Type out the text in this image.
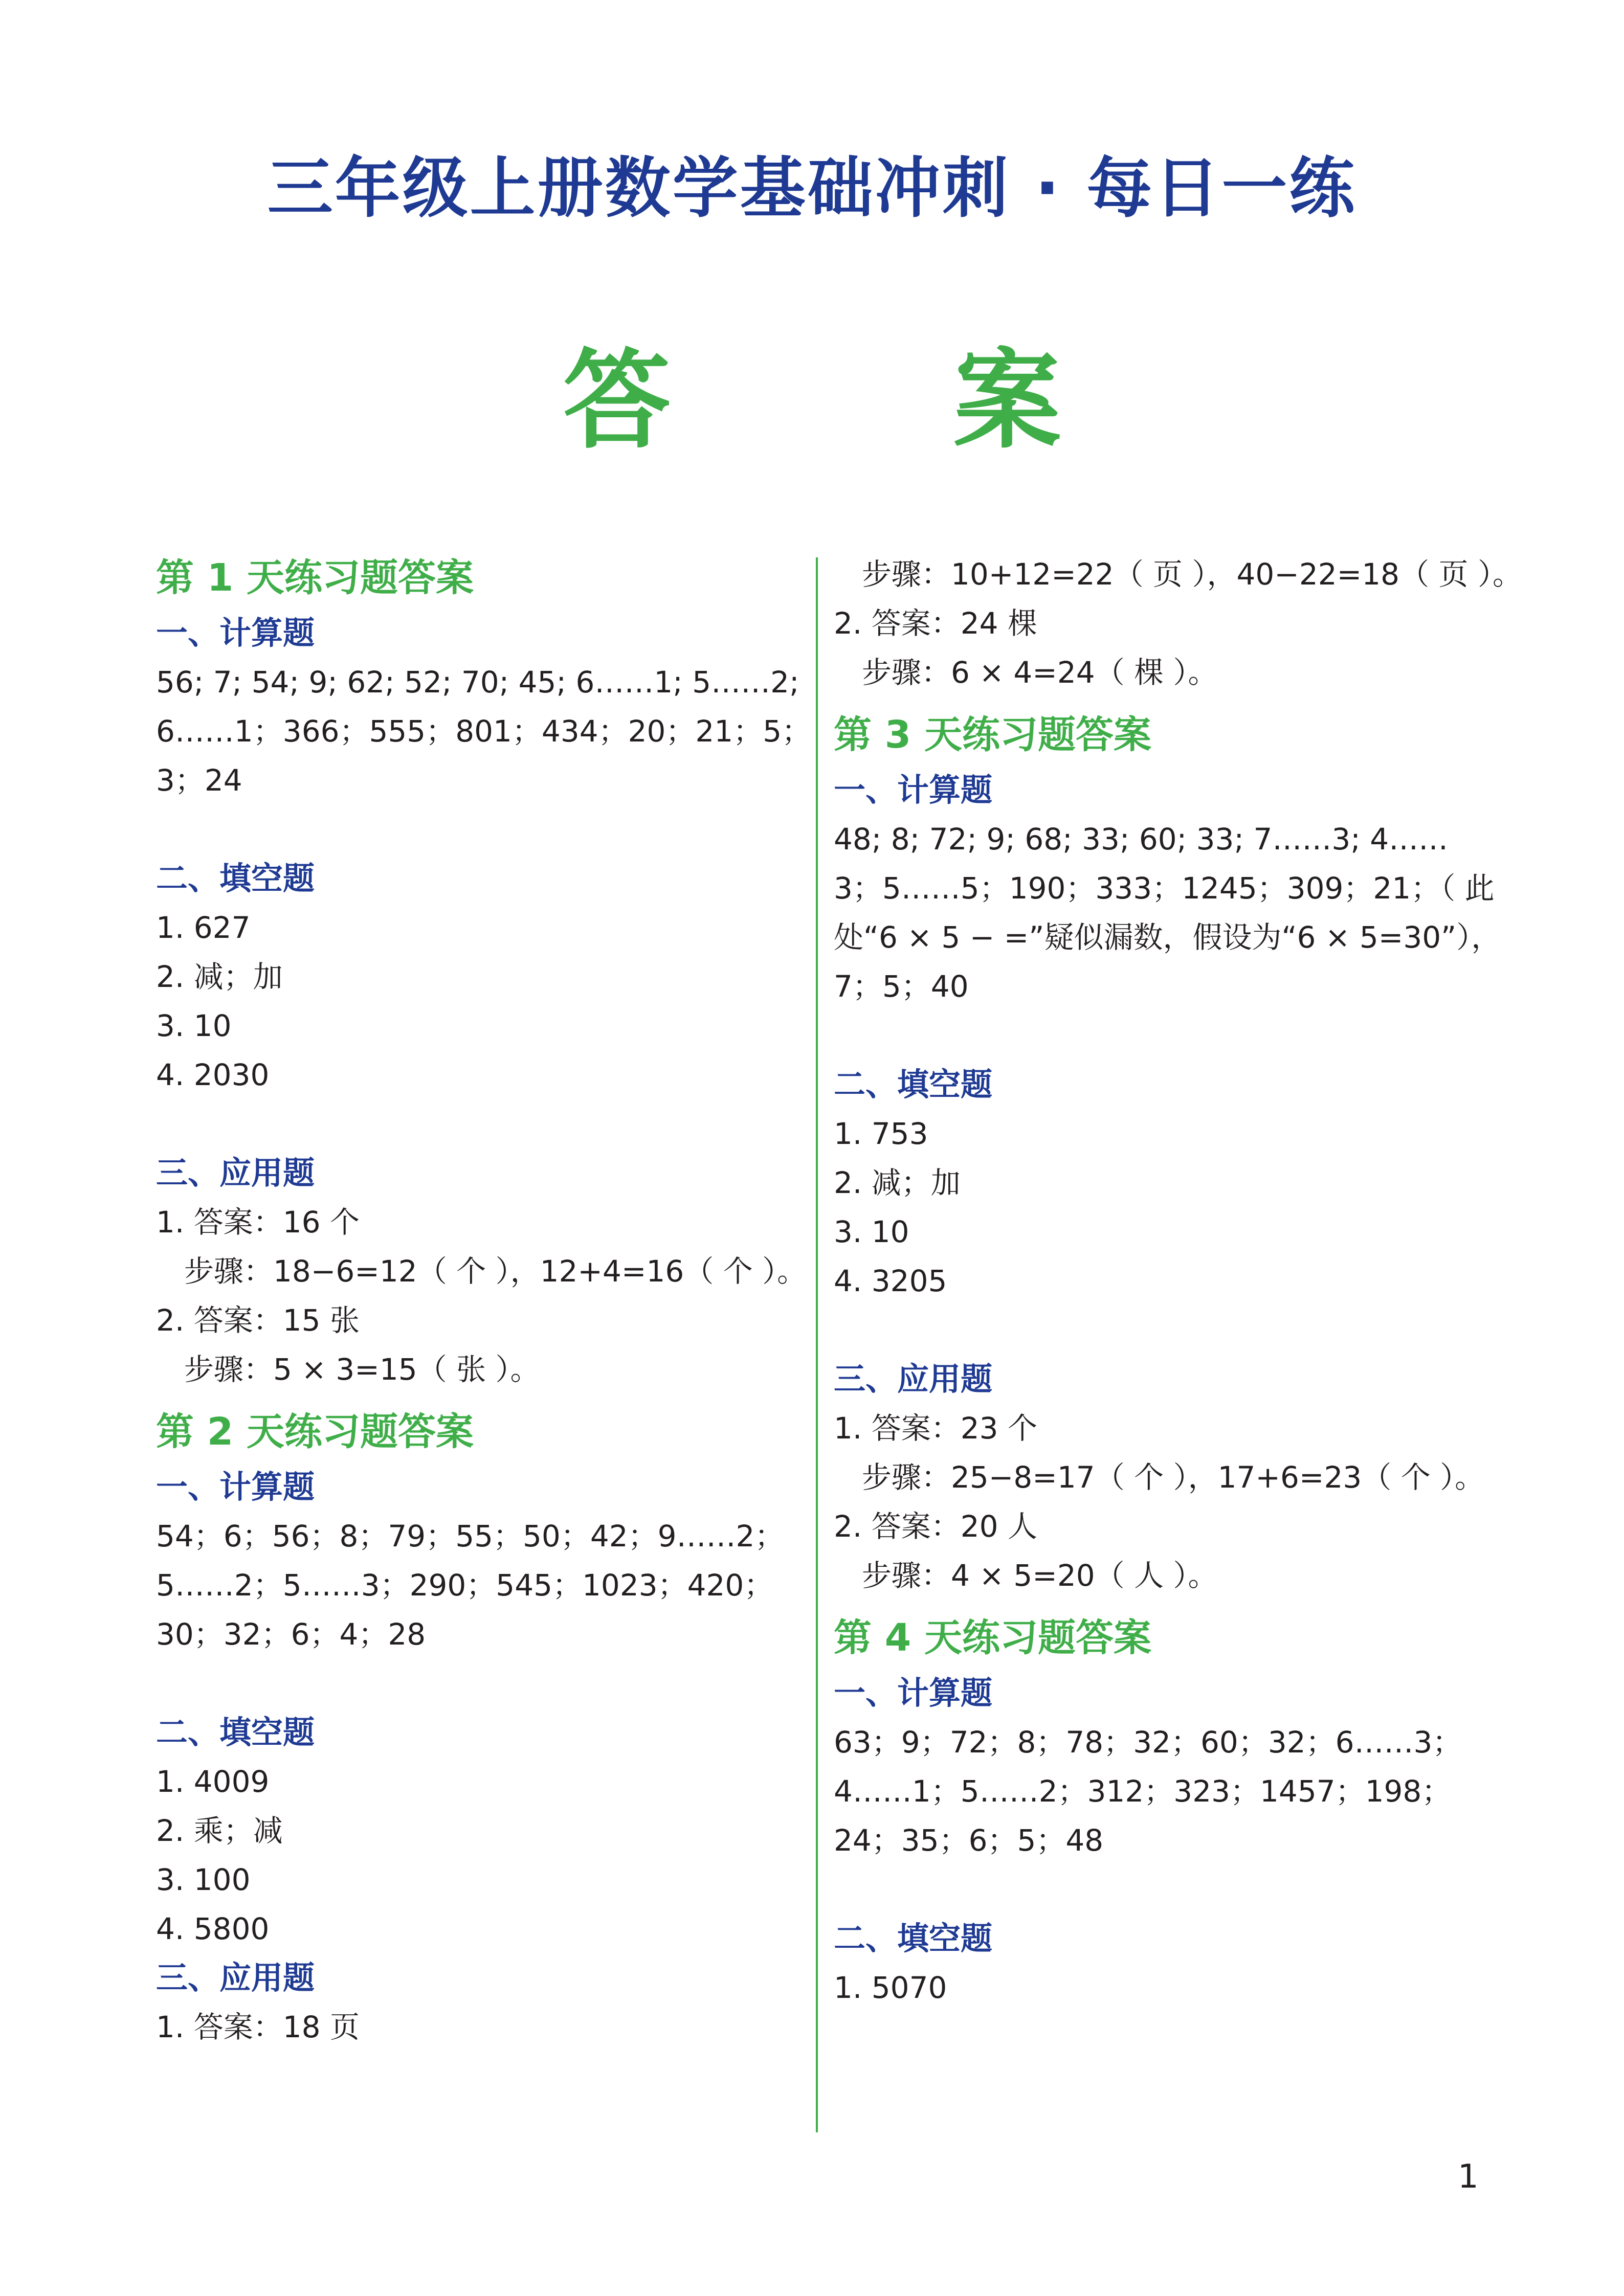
三年级上册数学基础冲刺 · 每日一练
答 案
第 1 天练习题答案
一、计算题

56; 7; 54; 9; 62; 52; 70; 45; 6……1; 5……2;

6……1；366；555；801；434；20；21；5；

3；24

二、填空题

1. 627

2. 减；加

3. 10

4. 2030

三、应用题

1. 答案：16 个

步骤：18−6=12（ 个 ），12+4=16（ 个 ）。

2. 答案：15 张

步骤：5 × 3=15（ 张 ）。

第 2 天练习题答案
一、计算题

54；6；56；8；79；55；50；42；9……2；

5……2；5……3；290；545；1023；420；

30；32；6；4；28

二、填空题

1. 4009

2. 乘；减

3. 100

4. 5800

三、应用题

1. 答案：18 页

步骤：10+12=22（ 页 ），40−22=18（ 页 ）。

2. 答案：24 棵

步骤：6 × 4=24（ 棵 ）。

第 3 天练习题答案
一、计算题

48; 8; 72; 9; 68; 33; 60; 33; 7……3; 4……

3；5……5；190；333；1245；309；21；（ 此

处“6 × 5 − =”疑似漏数，假设为“6 × 5=30”），

7；5；40

二、填空题

1. 753

2. 减；加

3. 10

4. 3205

三、应用题

1. 答案：23 个

步骤：25−8=17（ 个 ），17+6=23（ 个 ）。

2. 答案：20 人

步骤：4 × 5=20（ 人 ）。

第 4 天练习题答案
一、计算题

63；9；72；8；78；32；60；32；6……3；

4……1；5……2；312；323；1457；198；

24；35；6；5；48

二、填空题

1. 5070

1
